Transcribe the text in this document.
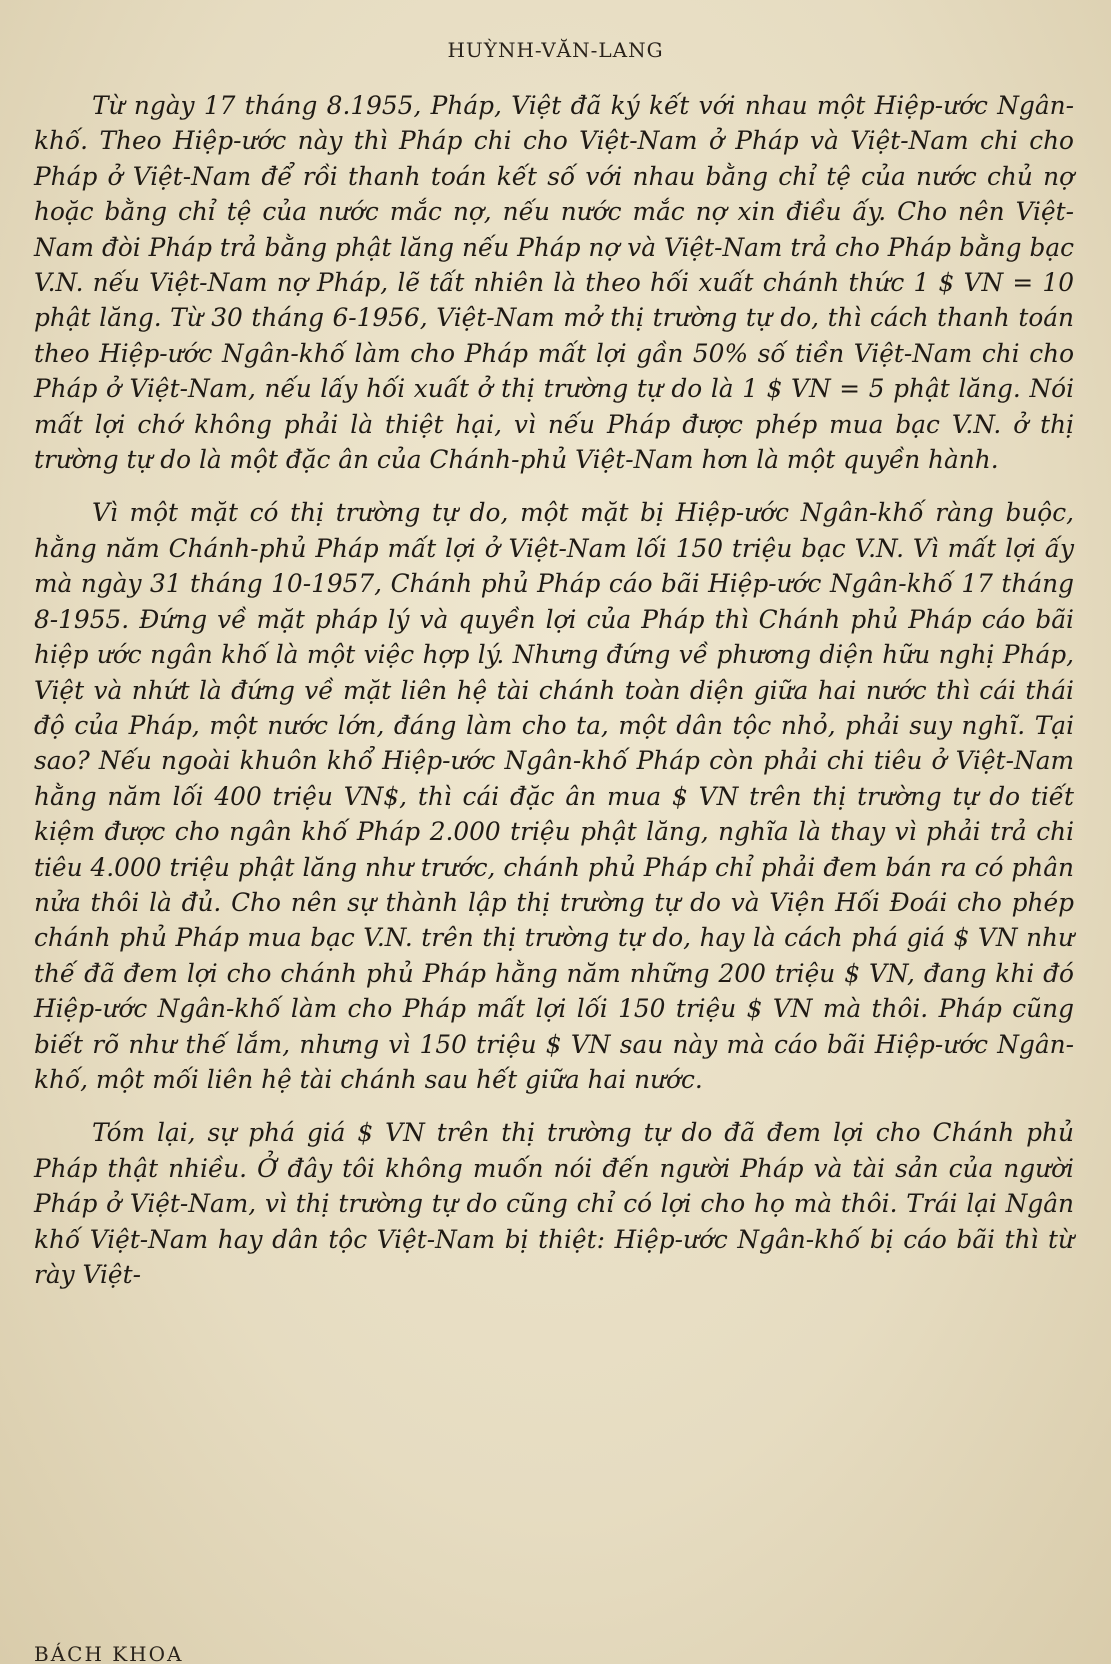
HUỲNH-VĂN-LANG

Từ ngày 17 tháng 8.1955, Pháp, Việt đã ký kết với nhau một Hiệp-ước Ngân-khố. Theo Hiệp-ước này thì Pháp chi cho Việt-Nam ở Pháp và Việt-Nam chi cho Pháp ở Việt-Nam để rồi thanh toán kết số với nhau bằng chỉ tệ của nước chủ nợ hoặc bằng chỉ tệ của nước mắc nợ, nếu nước mắc nợ xin điều ấy. Cho nên Việt-Nam đòi Pháp trả bằng phật lăng nếu Pháp nợ và Việt-Nam trả cho Pháp bằng bạc V.N. nếu Việt-Nam nợ Pháp, lẽ tất nhiên là theo hối xuất chánh thức 1 $ VN = 10 phật lăng. Từ 30 tháng 6-1956, Việt-Nam mở thị trường tự do, thì cách thanh toán theo Hiệp-ước Ngân-khố làm cho Pháp mất lợi gần 50% số tiền Việt-Nam chi cho Pháp ở Việt-Nam, nếu lấy hối xuất ở thị trường tự do là 1 $ VN = 5 phật lăng. Nói mất lợi chớ không phải là thiệt hại, vì nếu Pháp được phép mua bạc V.N. ở thị trường tự do là một đặc ân của Chánh-phủ Việt-Nam hơn là một quyền hành.

Vì một mặt có thị trường tự do, một mặt bị Hiệp-ước Ngân-khố ràng buộc, hằng năm Chánh-phủ Pháp mất lợi ở Việt-Nam lối 150 triệu bạc V.N. Vì mất lợi ấy mà ngày 31 tháng 10-1957, Chánh phủ Pháp cáo bãi Hiệp-ước Ngân-khố 17 tháng 8-1955. Đứng về mặt pháp lý và quyền lợi của Pháp thì Chánh phủ Pháp cáo bãi hiệp ước ngân khố là một việc hợp lý. Nhưng đứng về phương diện hữu nghị Pháp, Việt và nhứt là đứng về mặt liên hệ tài chánh toàn diện giữa hai nước thì cái thái độ của Pháp, một nước lớn, đáng làm cho ta, một dân tộc nhỏ, phải suy nghĩ. Tại sao? Nếu ngoài khuôn khổ Hiệp-ước Ngân-khố Pháp còn phải chi tiêu ở Việt-Nam hằng năm lối 400 triệu VN$, thì cái đặc ân mua $ VN trên thị trường tự do tiết kiệm được cho ngân khố Pháp 2.000 triệu phật lăng, nghĩa là thay vì phải trả chi tiêu 4.000 triệu phật lăng như trước, chánh phủ Pháp chỉ phải đem bán ra có phân nửa thôi là đủ. Cho nên sự thành lập thị trường tự do và Viện Hối Đoái cho phép chánh phủ Pháp mua bạc V.N. trên thị trường tự do, hay là cách phá giá $ VN như thế đã đem lợi cho chánh phủ Pháp hằng năm những 200 triệu $ VN, đang khi đó Hiệp-ước Ngân-khố làm cho Pháp mất lợi lối 150 triệu $ VN mà thôi. Pháp cũng biết rõ như thế lắm, nhưng vì 150 triệu $ VN sau này mà cáo bãi Hiệp-ước Ngân-khố, một mối liên hệ tài chánh sau hết giữa hai nước.

Tóm lại, sự phá giá $ VN trên thị trường tự do đã đem lợi cho Chánh phủ Pháp thật nhiều. Ở đây tôi không muốn nói đến người Pháp và tài sản của người Pháp ở Việt-Nam, vì thị trường tự do cũng chỉ có lợi cho họ mà thôi. Trái lại Ngân khố Việt-Nam hay dân tộc Việt-Nam bị thiệt: Hiệp-ước Ngân-khố bị cáo bãi thì từ rày Việt-

BÁCH KHOA
